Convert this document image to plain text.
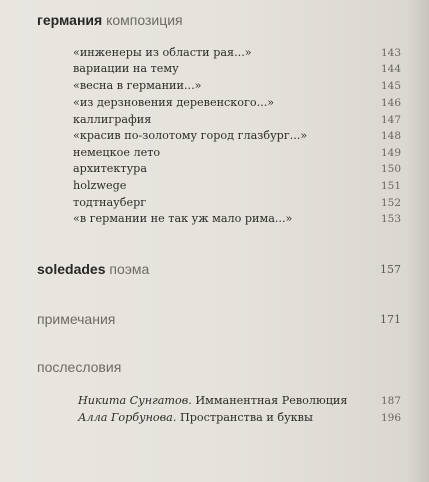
германия композиция
«инженеры из области рая...»	143
вариации на тему	144
«весна в германии...»	145
«из дерзновения деревенского...»	146
каллиграфия	147
«красив по-золотому город глазбург...»	148
немецкое лето	149
архитектура	150
holzwege	151
тодтнауберг	152
«в германии не так уж мало рима...»	153
soledades поэма	157
примечания	171
послесловия
Никита Сунгатов. Имманентная Революция	187
Алла Горбунова. Пространства и буквы	196
